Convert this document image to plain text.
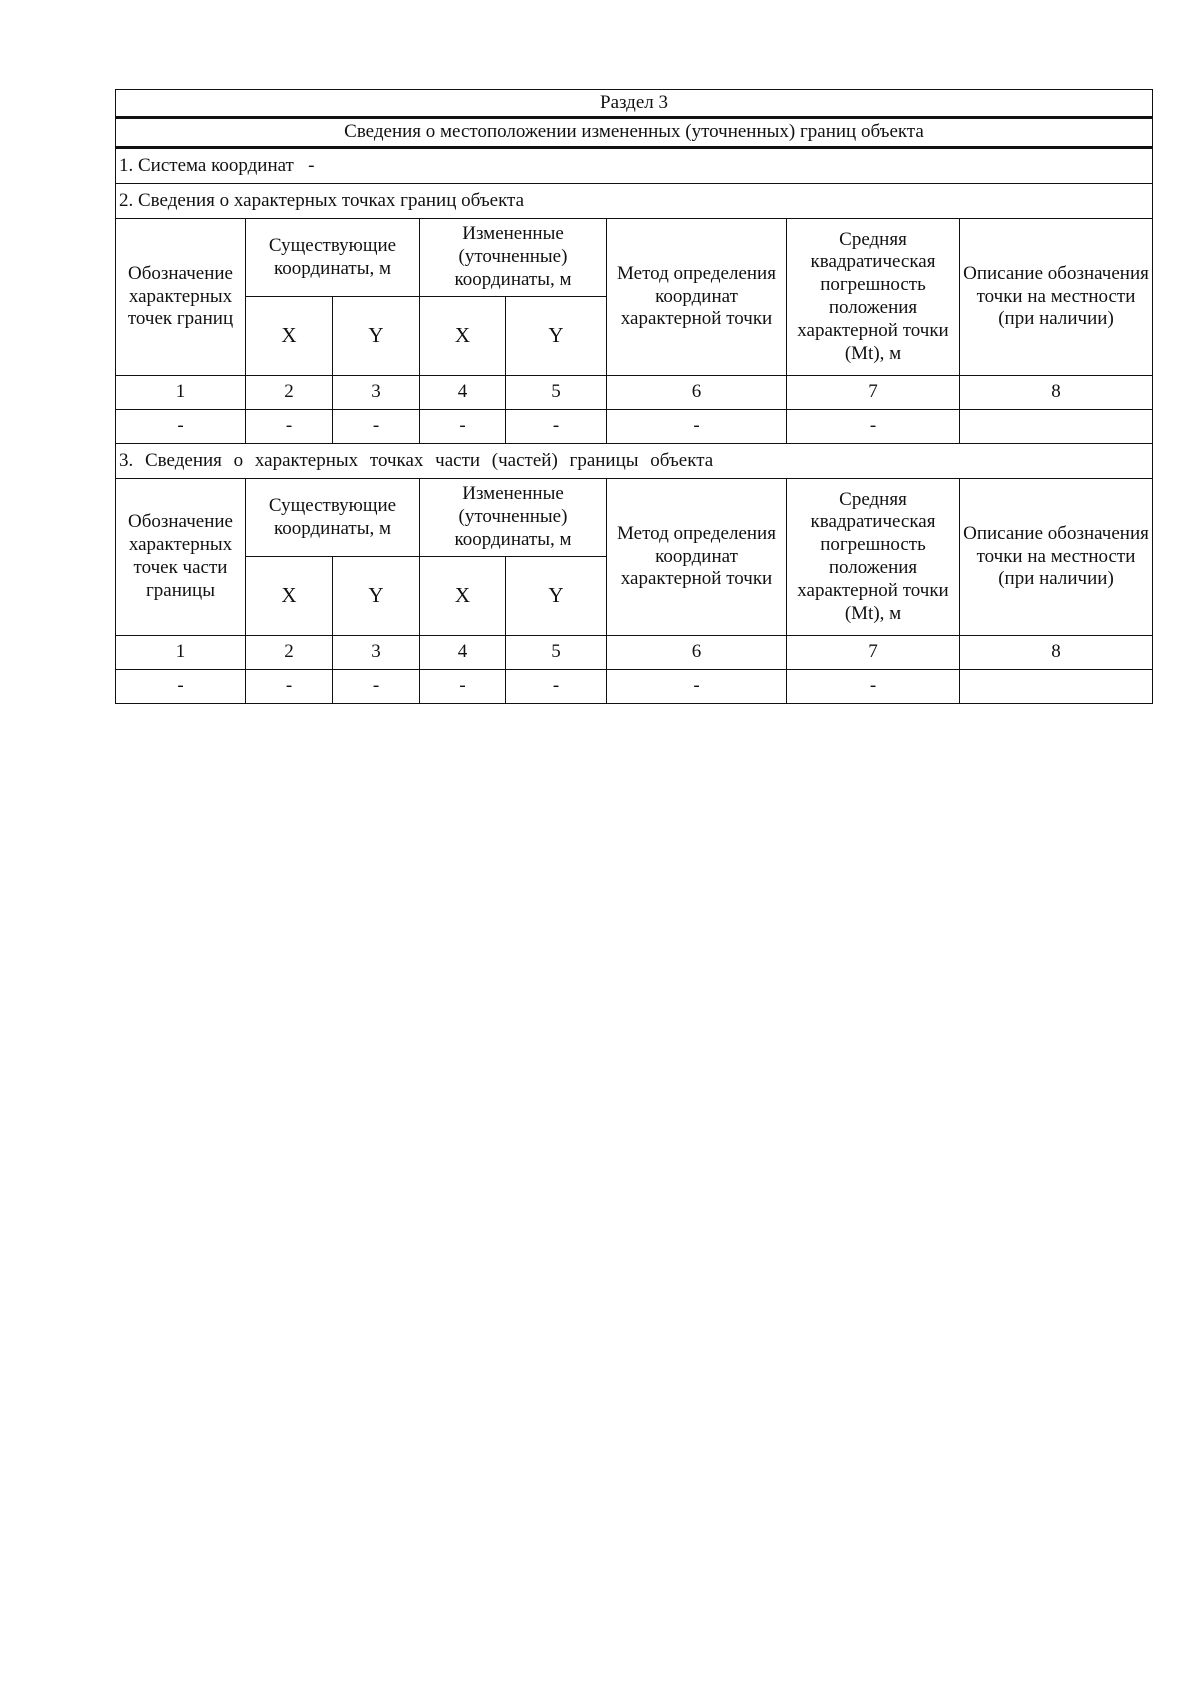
Раздел 3							
Сведения о местоположении измененных (уточненных) границ объекта							
1. Система координат   -							
2. Сведения о характерных точках границ объекта							
Обозначение характерных точек границ	Существующие координаты, м		Измененные (уточненные) координаты, м		Метод определения координат характерной точки	Средняя квадратическая погрешность положения характерной точки (Mt), м	Описание обозначения точки на местности (при наличии)
	X	Y	X	Y			
1	2	3	4	5	6	7	8
-	-	-	-	-	-	-	
3. Сведения о характерных точках части (частей) границы объекта							
Обозначение характерных точек части границы	Существующие координаты, м		Измененные (уточненные) координаты, м		Метод определения координат характерной точки	Средняя квадратическая погрешность положения характерной точки (Mt), м	Описание обозначения точки на местности (при наличии)
	X	Y	X	Y			
1	2	3	4	5	6	7	8
-	-	-	-	-	-	-	
